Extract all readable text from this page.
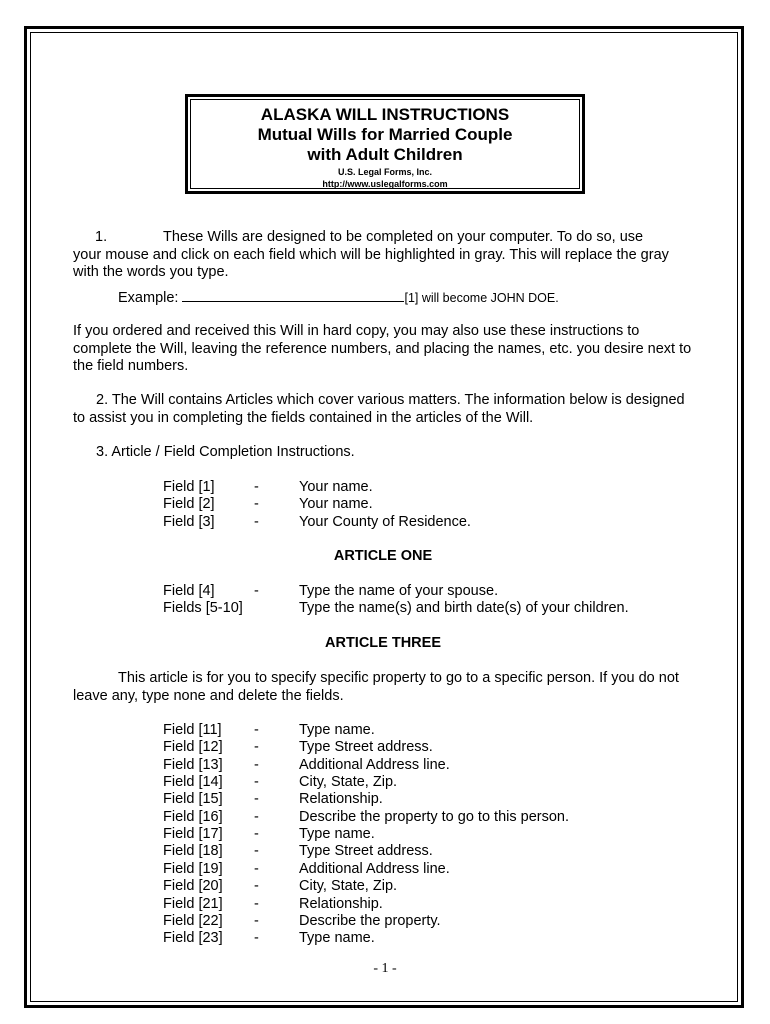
ALASKA WILL INSTRUCTIONS
Mutual Wills for Married Couple
with Adult Children
U.S. Legal Forms, Inc.
http://www.uslegalforms.com
1.	These Wills are designed to be completed on your computer. To do so, use
your mouse and click on each field which will be highlighted in gray. This will replace the gray with the words you type.
Example:	[1] will become JOHN DOE.
If you ordered and received this Will in hard copy, you may also use these instructions to complete the Will, leaving the reference numbers, and placing the names, etc. you desire next to the field numbers.
2. The Will contains Articles which cover various matters. The information below is designed to assist you in completing the fields contained in the articles of the Will.
3. Article / Field Completion Instructions.
Field [1]	-	Your name.
Field [2]	-	Your name.
Field [3]	-	Your County of Residence.
ARTICLE ONE
Field [4]	-	Type the name of your spouse.
Fields [5-10]	Type the name(s) and birth date(s) of your children.
ARTICLE THREE
This article is for you to specify specific property to go to a specific person. If you do not leave any, type none and delete the fields.
Field [11] -	Type name.
Field [12] -	Type Street address.
Field [13] -	Additional Address line.
Field [14] -	City, State, Zip.
Field [15] -	Relationship.
Field [16] -	Describe the property to go to this person.
Field [17] -	Type name.
Field [18] -	Type Street address.
Field [19] -	Additional Address line.
Field [20] -	City, State, Zip.
Field [21] -	Relationship.
Field [22] -	Describe the property.
Field [23] -	Type name.
- 1 -
